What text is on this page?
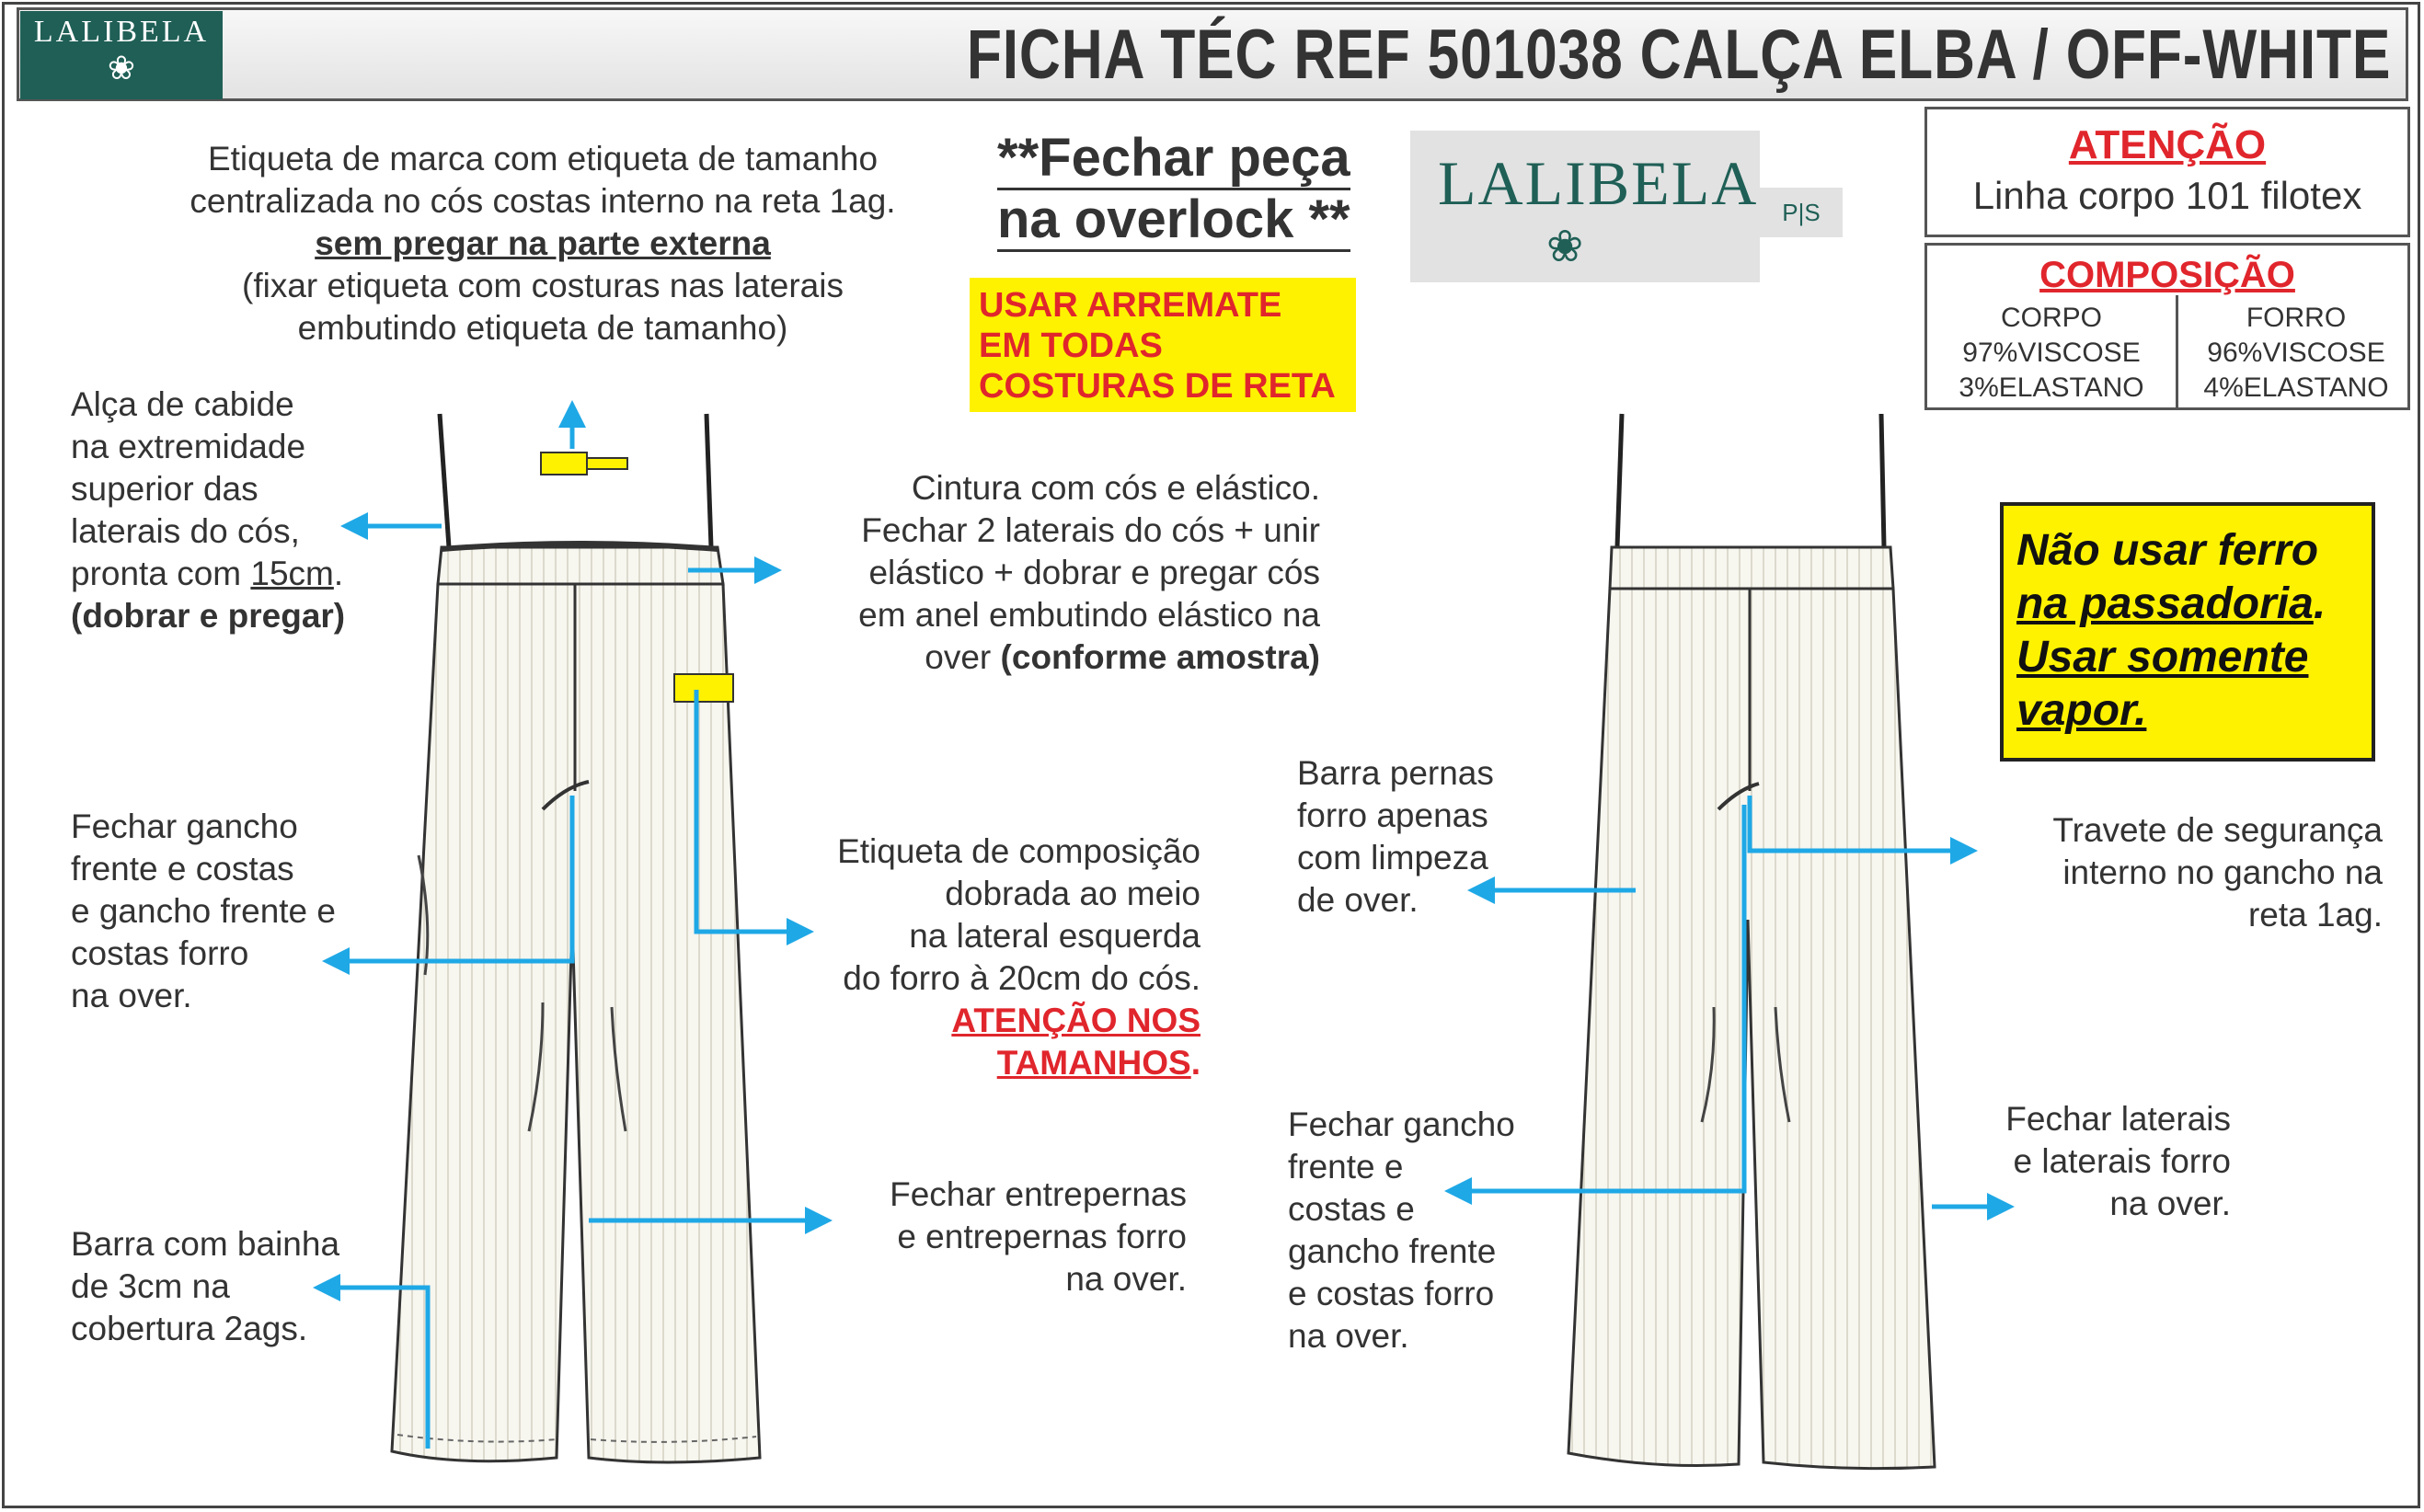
LALIBELA
❀	FICHA TÉC REF 501038 CALÇA ELBA / OFF-WHITE
Etiqueta de marca com etiqueta de tamanho
centralizada no cós costas interno na reta 1ag.
sem pregar na parte externa
(fixar etiqueta com costuras nas laterais
embutindo etiqueta de tamanho)
**Fechar peça
na overlock **
USAR ARREMATE
EM TODAS
COSTURAS DE RETA
LALIBELA
❀
P|S
ATENÇÃO
Linha corpo 101 filotex
COMPOSIÇÃO
CORPO
97%VISCOSE
3%ELASTANO
FORRO
96%VISCOSE
4%ELASTANO
Não usar ferro
na passadoria.
Usar somente
vapor.
Alça de cabide
na extremidade
superior das
laterais do cós,
pronta com 15cm.
(dobrar e pregar)
Fechar gancho
frente e costas
e gancho frente e
costas forro
na over.
Barra com bainha
de 3cm na
cobertura 2ags.
Cintura com cós e elástico.
Fechar 2 laterais do cós + unir
elástico + dobrar e pregar cós
em anel embutindo elástico na
over (conforme amostra)
Etiqueta de composição
dobrada ao meio
na lateral esquerda
do forro à 20cm do cós.
ATENÇÃO NOS
TAMANHOS.
Fechar entrepernas
e entrepernas forro
na over.
Barra pernas
forro apenas
com limpeza
de over.
Travete de segurança
interno no gancho na
reta 1ag.
Fechar gancho
frente e
costas e
gancho frente
e costas forro
na over.
Fechar laterais
e laterais forro
na over.
